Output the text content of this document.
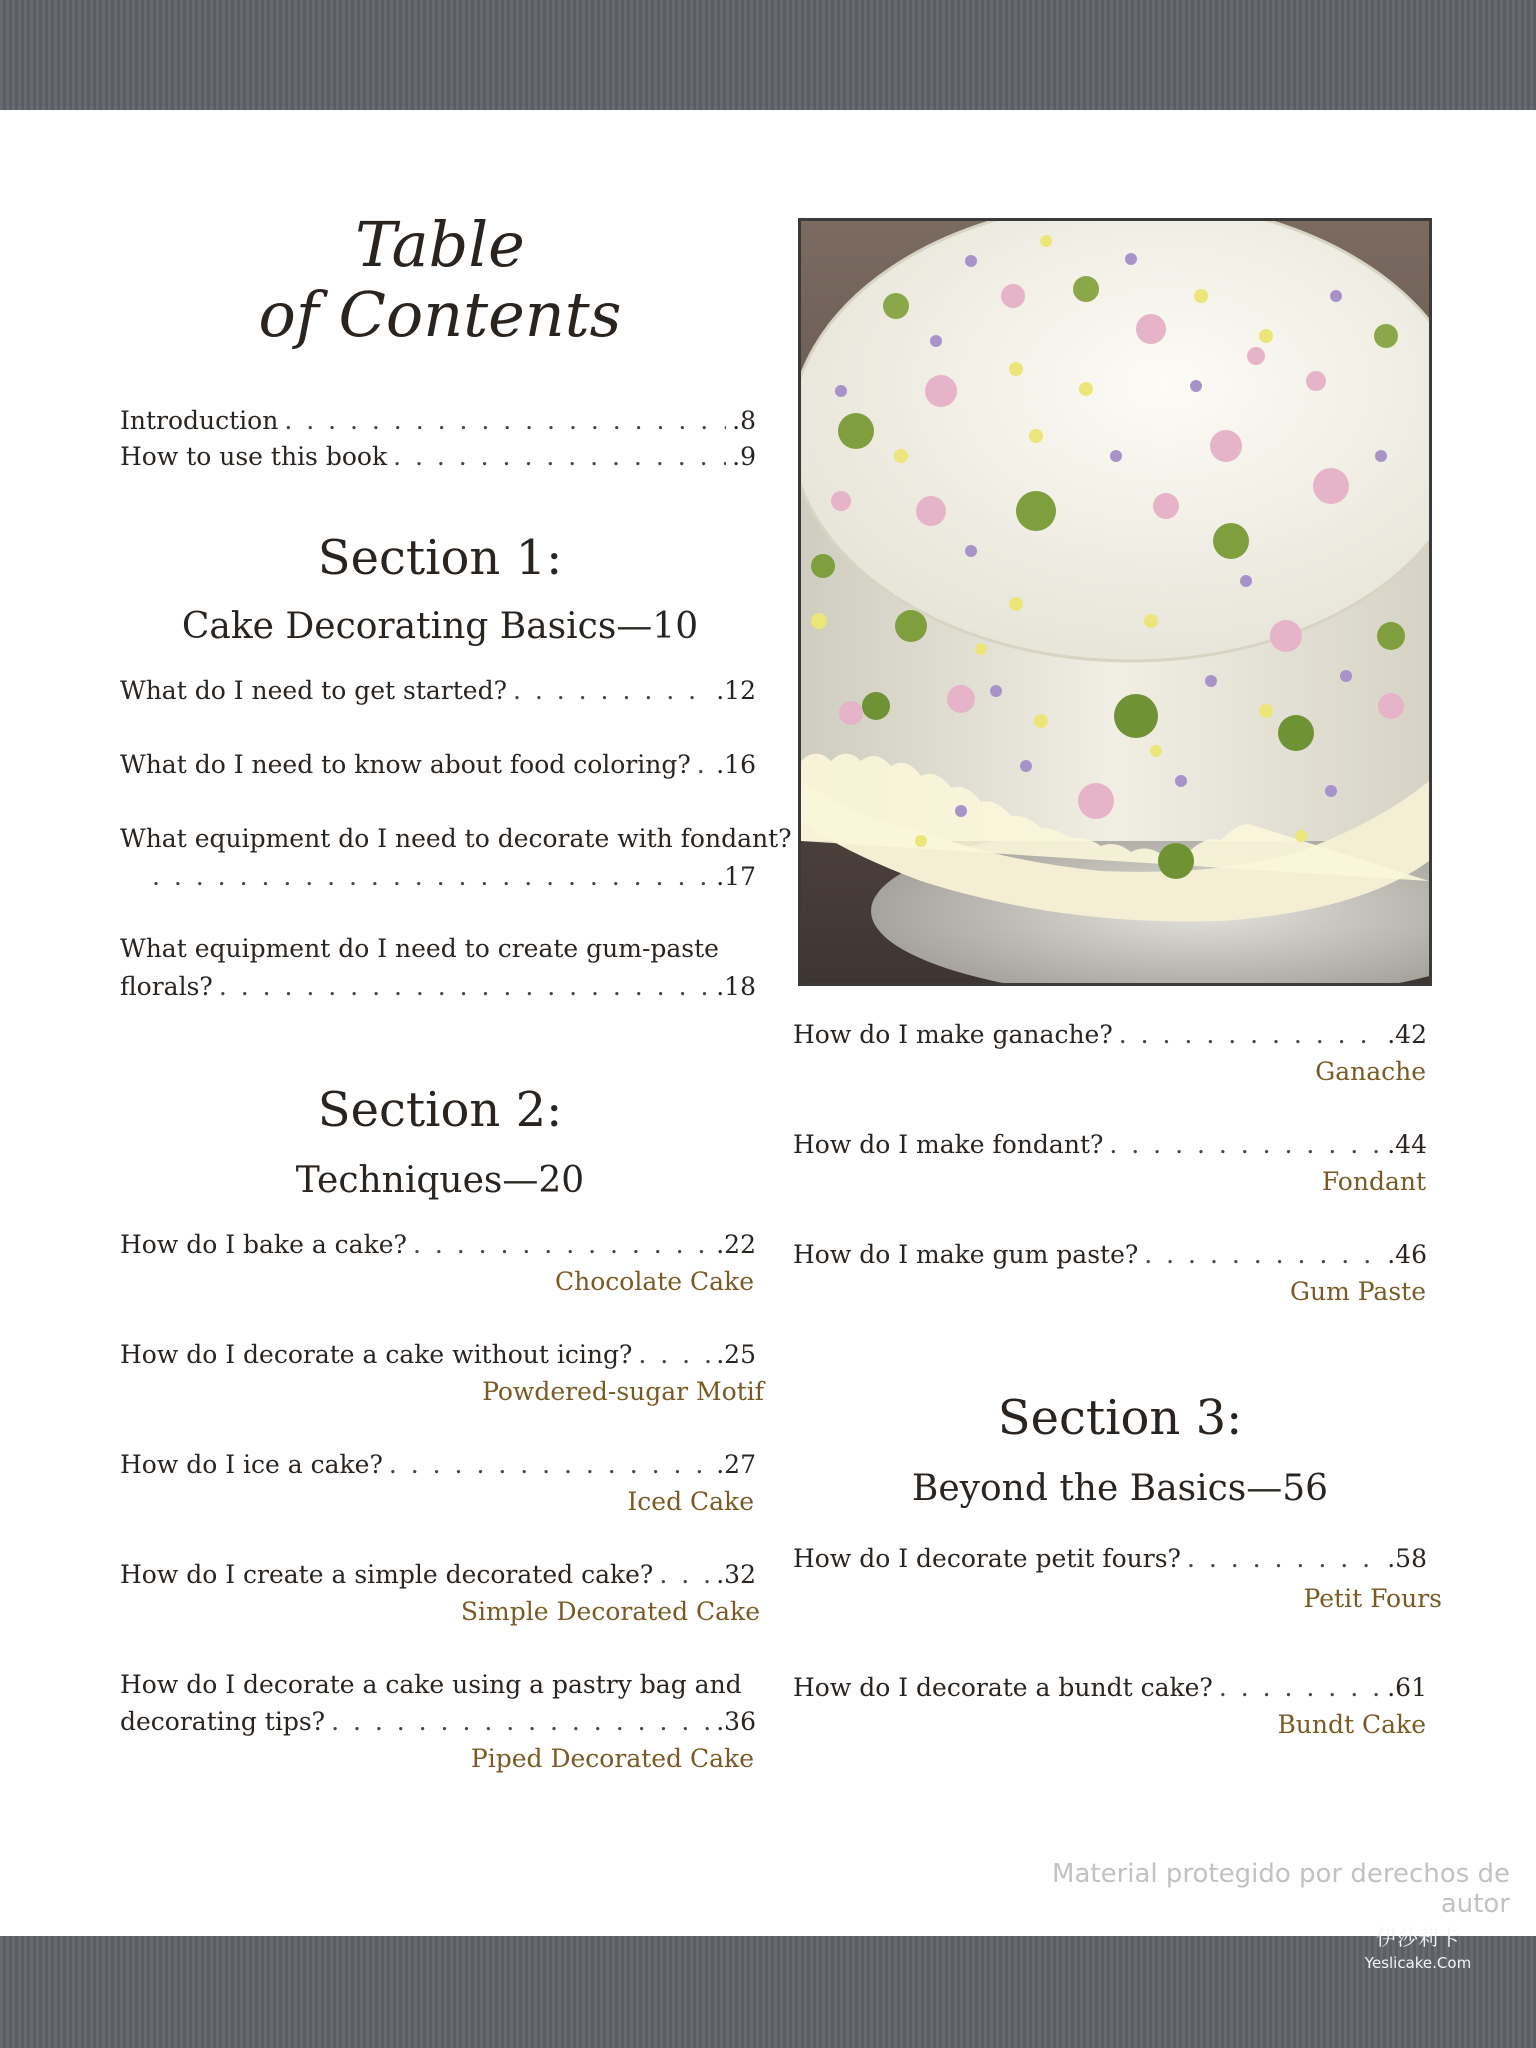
Table
of Contents
Introduction . . .	.8
How to use this book . . .	.9
Section 1:
Cake Decorating Basics—10
What do I need to get started? . . .	.12
What do I need to know about food coloring? . . . .16
What equipment do I need to decorate with fondant?
. . .
.17
What equipment do I need to create gum-paste
florals? . . .	.18
Section 2:
Techniques—20
How do I bake a cake? . . .	.22
Chocolate Cake
How do I decorate a cake without icing? . . .	.25
Powdered-sugar Motif
How do I ice a cake? . . .	.27
Iced Cake
How do I create a simple decorated cake? . . .	.32
Simple Decorated Cake
How do I decorate a cake using a pastry bag and
decorating tips? . . .	.36
Piped Decorated Cake
How do I make ganache? . . .	.42
Ganache
How do I make fondant? . . .	.44
Fondant
How do I make gum paste? . . .	.46
Gum Paste
Section 3:
Beyond the Basics—56
How do I decorate petit fours? . . .	.58
Petit Fours
How do I decorate a bundt cake? . . .	.61
Bundt Cake
Material protegido por derechos de autor
伊莎莉卡
Yeslicake.Com
